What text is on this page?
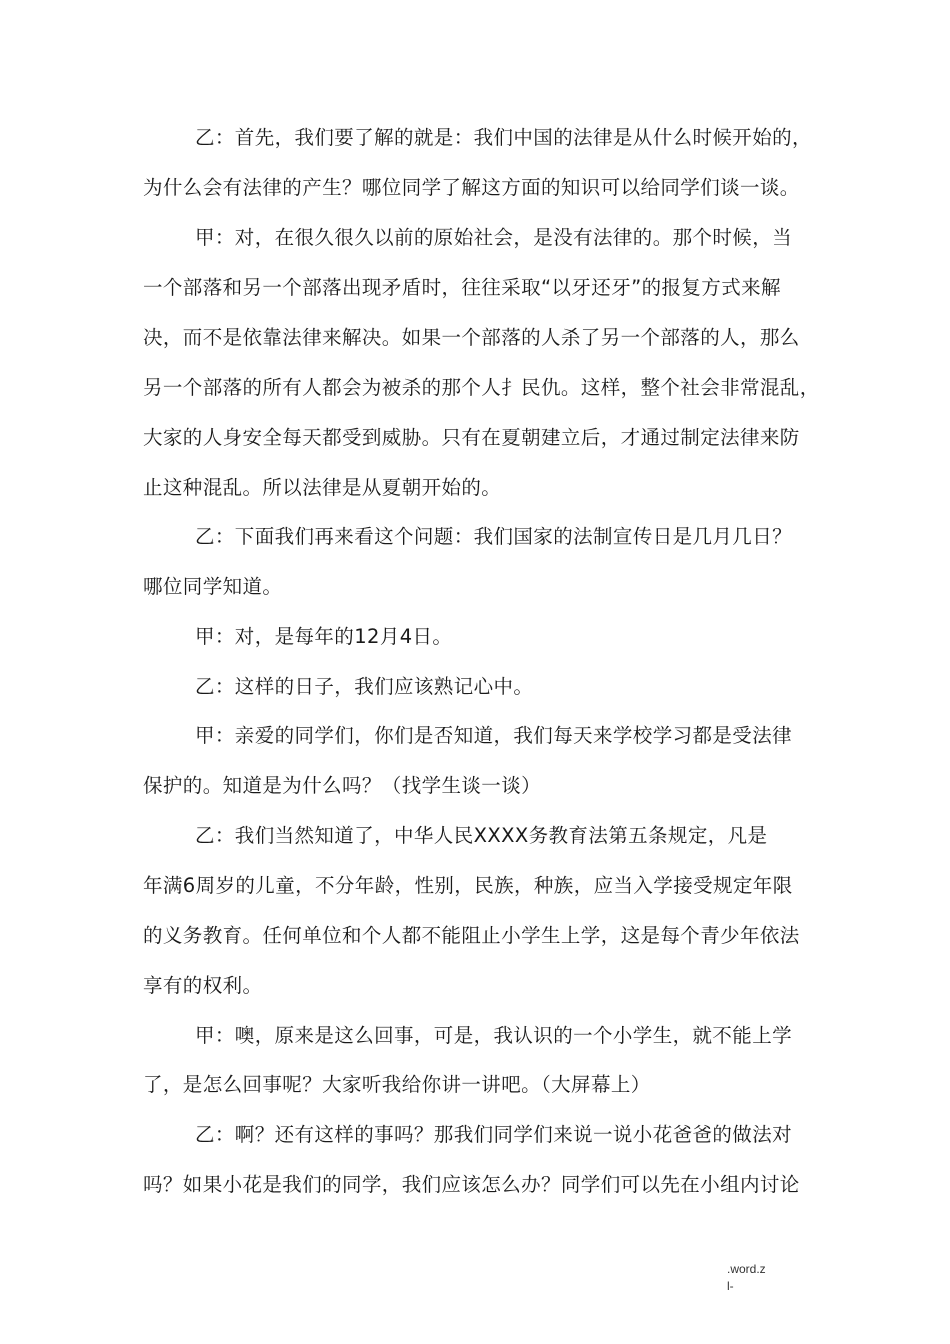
乙：首先，我们要了解的就是：我们中国的法律是从什么时候开始的，
为什么会有法律的产生？哪位同学了解这方面的知识可以给同学们谈一谈。
甲：对，在很久很久以前的原始社会，是没有法律的。那个时候，当
一个部落和另一个部落出现矛盾时，往往采取“以牙还牙”的报复方式来解
决，而不是依靠法律来解决。如果一个部落的人杀了另一个部落的人，那么
另一个部落的所有人都会为被杀的那个人扌民仇。这样，整个社会非常混乱，
大家的人身安全每天都受到威胁。只有在夏朝建立后，才通过制定法律来防
止这种混乱。所以法律是从夏朝开始的。
乙：下面我们再来看这个问题：我们国家的法制宣传日是几月几日？
哪位同学知道。
甲：对，是每年的12月4日。
乙：这样的日子，我们应该熟记心中。
甲：亲爱的同学们，你们是否知道，我们每天来学校学习都是受法律
保护的。知道是为什么吗？（找学生谈一谈）
乙：我们当然知道了，中华人民XXXX务教育法第五条规定，凡是
年满6周岁的儿童，不分年龄，性别，民族，种族，应当入学接受规定年限
的义务教育。任何单位和个人都不能阻止小学生上学，这是每个青少年依法
享有的权利。
甲：噢，原来是这么回事，可是，我认识的一个小学生，就不能上学
了，是怎么回事呢？大家听我给你讲一讲吧。（大屏幕上）
乙：啊？还有这样的事吗？那我们同学们来说一说小花爸爸的做法对
吗？如果小花是我们的同学，我们应该怎么办？同学们可以先在小组内讨论
.word.z
l-
